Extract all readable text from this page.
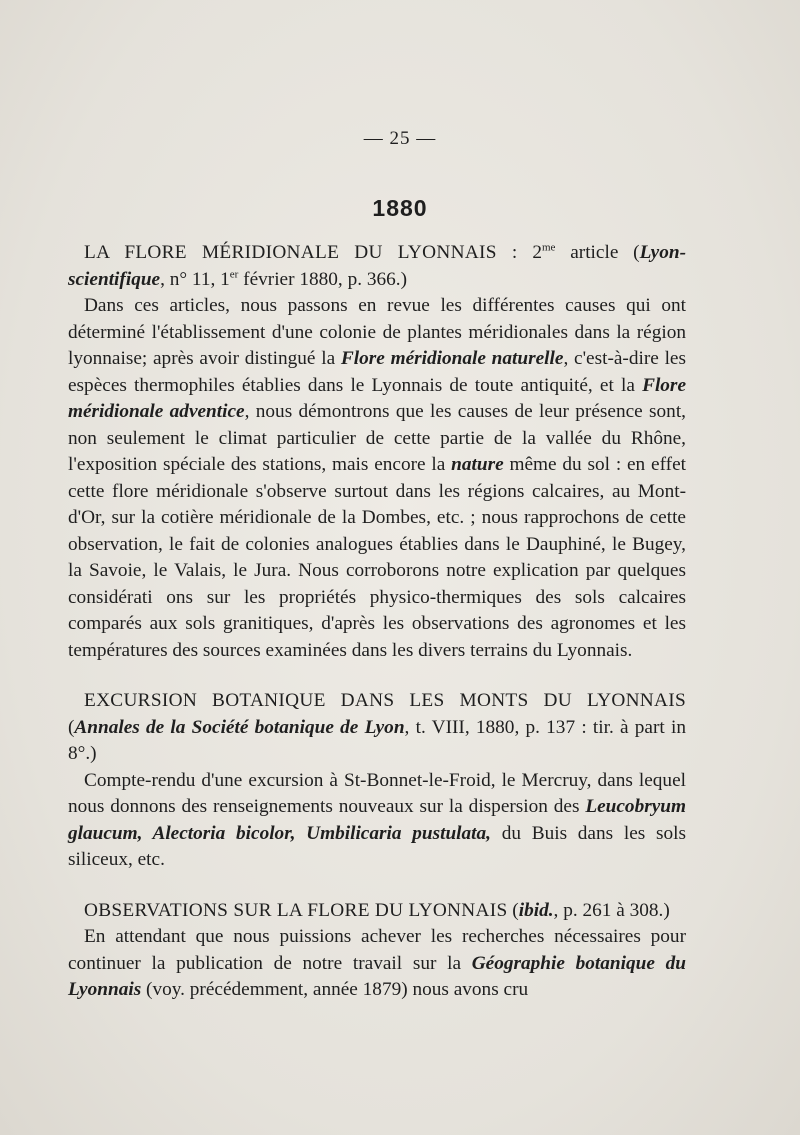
— 25 —
1880
LA FLORE MÉRIDIONALE DU LYONNAIS : $2^{me}$ article (Lyon-scientifique, n° 11, 1er février 1880, p. 366.)
Dans ces articles, nous passons en revue les différentes causes qui ont déterminé l'établissement d'une colonie de plantes méridionales dans la région lyonnaise; après avoir distingué la Flore méridionale naturelle, c'est-à-dire les espèces thermophiles établies dans le Lyonnais de toute antiquité, et la Flore méridionale adventice, nous démontrons que les causes de leur présence sont, non seulement le climat particulier de cette partie de la vallée du Rhône, l'exposition spéciale des stations, mais encore la nature même du sol : en effet cette flore méridionale s'observe surtout dans les régions calcaires, au Mont-d'Or, sur la cotière méridionale de la Dombes, etc. ; nous rapprochons de cette observation, le fait de colonies analogues établies dans le Dauphiné, le Bugey, la Savoie, le Valais, le Jura. Nous corroborons notre explication par quelques considérati ons sur les propriétés physico-thermiques des sols calcaires comparés aux sols granitiques, d'après les observations des agronomes et les températures des sources examinées dans les divers terrains du Lyonnais.
EXCURSION BOTANIQUE DANS LES MONTS DU LYONNAIS (Annales de la Société botanique de Lyon, t. VIII, 1880, p. 137 : tir. à part in 8°.)
Compte-rendu d'une excursion à St-Bonnet-le-Froid, le Mercruy, dans lequel nous donnons des renseignements nouveaux sur la dispersion des Leucobryum glaucum, Alectoria bicolor, Umbilicaria pustulata, du Buis dans les sols siliceux, etc.
OBSERVATIONS SUR LA FLORE DU LYONNAIS (ibid., p. 261 à 308.)
En attendant que nous puissions achever les recherches nécessaires pour continuer la publication de notre travail sur la Géographie botanique du Lyonnais (voy. précédemment, année 1879) nous avons cru
